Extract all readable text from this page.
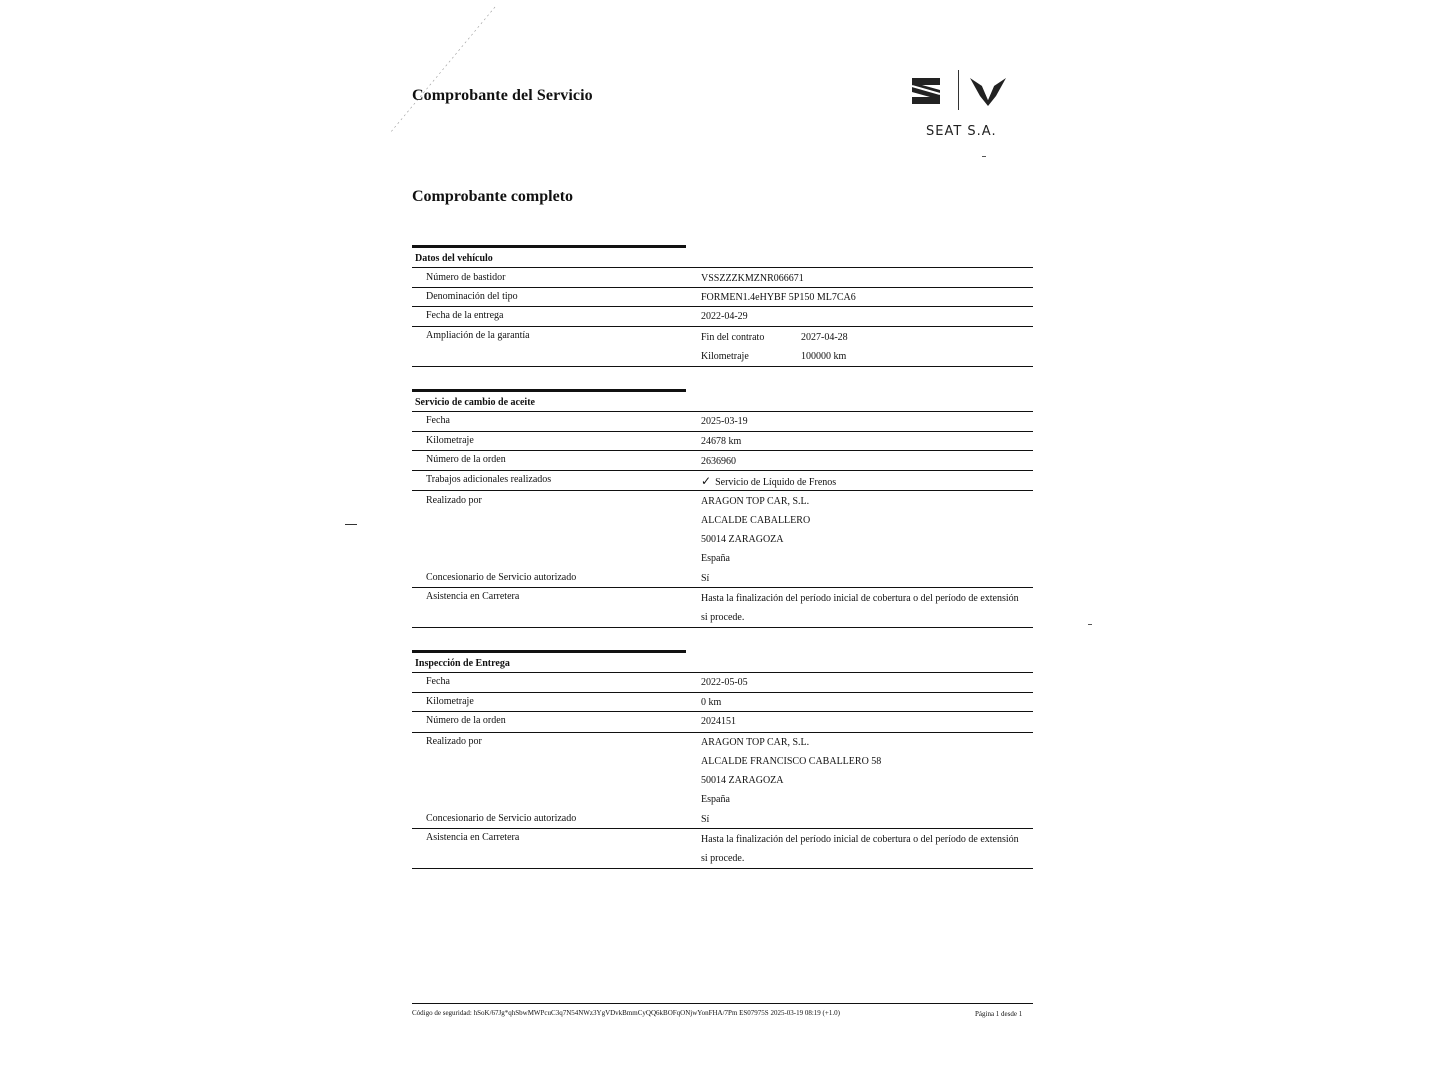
Comprobante del Servicio
SEAT S.A.
Comprobante completo
Datos del vehículo
Número de bastidor	VSSZZZKMZNR066671
Denominación del tipo	FORMEN1.4eHYBF 5P150 ML7CA6
Fecha de la entrega	2022-04-29
Ampliación de la garantía	Fin del contrato	2027-04-28
Kilometraje	100000 km
Servicio de cambio de aceite
Fecha	2025-03-19
Kilometraje	24678 km
Número de la orden	2636960
Trabajos adicionales realizados	✓ Servicio de Líquido de Frenos
Realizado por	ARAGON TOP CAR, S.L.
ALCALDE CABALLERO
50014 ZARAGOZA
España
Concesionario de Servicio autorizado	Sí
Asistencia en Carretera	Hasta la finalización del período inicial de cobertura o del período de extensión
si procede.
Inspección de Entrega
Fecha	2022-05-05
Kilometraje	0 km
Número de la orden	2024151
Realizado por	ARAGON TOP CAR, S.L.
ALCALDE FRANCISCO CABALLERO 58
50014 ZARAGOZA
España
Concesionario de Servicio autorizado	Sí
Asistencia en Carretera	Hasta la finalización del período inicial de cobertura o del período de extensión
si procede.
Código de seguridad: hSoK/67Jg*qhSbwMWPcuC3q7N54NWz3YgVDvkBmmCyQQ6kBOFqONjwYonFHA/7Pm ES07975S 2025-03-19 08:19 (+1.0)	Página 1 desde 1
